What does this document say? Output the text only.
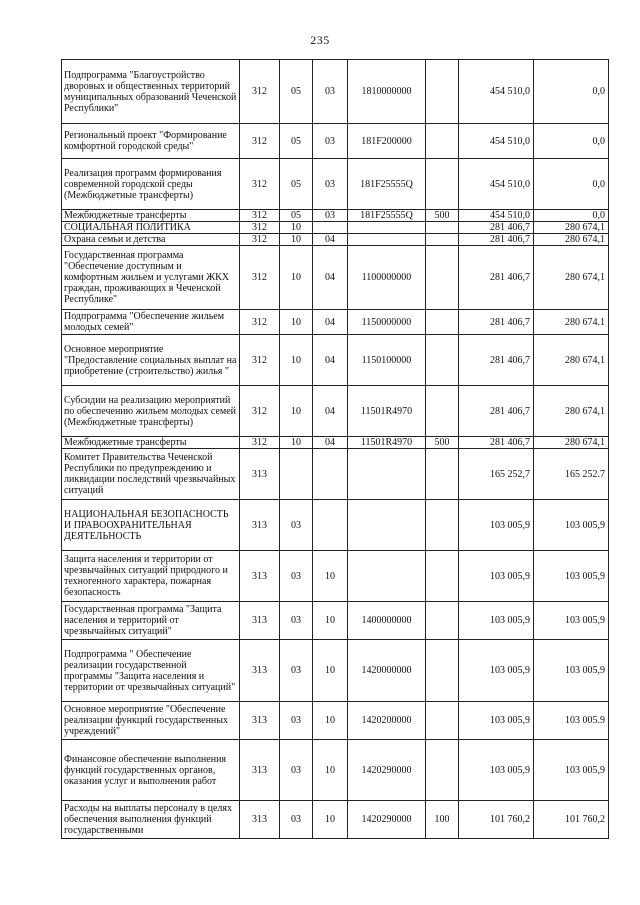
235
Подпрограмма "Благоустройство дворовых и общественных территорий муниципальных образований Чеченской Республики"	312	05	03	1810000000		454 510,0	0,0
Региональный проект "Формирование комфортной городской среды"	312	05	03	181F200000		454 510,0	0,0
Реализация программ формирования современной городской среды (Межбюджетные трансферты)	312	05	03	181F25555Q		454 510,0	0,0
Межбюджетные трансферты	312	05	03	181F25555Q	500	454 510,0	0,0
СОЦИАЛЬНАЯ ПОЛИТИКА	312	10				281 406,7	280 674,1
Охрана семьи и детства	312	10	04			281 406,7	280 674,1
Государственная программа "Обеспечение доступным и комфортным жильем и услугами ЖКХ граждан, проживающих в Чеченской Республике"	312	10	04	1100000000		281 406,7	280 674,1
Подпрограмма "Обеспечение жильем молодых семей"	312	10	04	1150000000		281 406,7	280 674.1
Основное мероприятие "Предоставление социальных выплат на приобретение (строительство) жилья "	312	10	04	1150100000		281 406,7	280 674,1
Субсидии на реализацию мероприятий по обеспечению жильем молодых семей (Межбюджетные трансферты)	312	10	04	11501R4970		281 406,7	280 674,1
Межбюджетные трансферты	312	10	04	11501R4970	500	281 406,7	280 674,1
Комитет Правительства Чеченской Республики по предупреждению и ликвидации последствий чрезвычайных ситуаций	313					165 252,7	165 252.7
НАЦИОНАЛЬНАЯ БЕЗОПАСНОСТЬ И ПРАВООХРАНИТЕЛЬНАЯ ДЕЯТЕЛЬНОСТЬ	313	03				103 005,9	103 005,9
Защита населения и территории от чрезвычайных ситуаций природного и техногенного характера, пожарная безопасность	313	03	10			103 005,9	103 005,9
Государственная программа "Защита населения и территорий от чрезвычайных ситуаций"	313	03	10	1400000000		103 005,9	103 005,9
Подпрограмма " Обеспечение реализации государственной программы "Защита населения и территории от чрезвычайных ситуаций"	313	03	10	1420000000		103 005,9	103 005,9
Основное мероприятие "Обеспечение реализации функций государственных учреждений"	313	03	10	1420200000		103 005,9	103 005.9
Финансовое обеспечение выполнения функций государственных органов, оказания услуг и выполнения работ	313	03	10	1420290000		103 005,9	103 005,9
Расходы на выплаты персоналу в целях обеспечения выполнения функций государственными	313	03	10	1420290000	100	101 760,2	101 760,2
